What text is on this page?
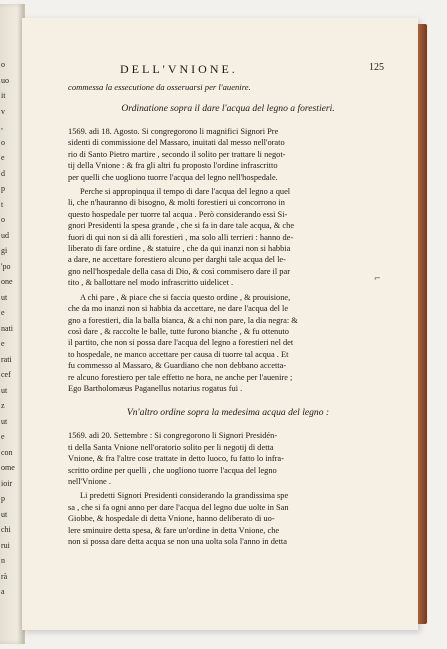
o
uo
it
v
,
o
e
d
p
t
o
ud
gi
'po
one
ut
e
nati
e
rati
cef
ut
z
ut
e
con
ome
ioir
p
ut
chi
rui
n
rà
a
DELL'VNIONE.	125
commessa la essecutione da osseruarsi per l'auenire.
Ordinatione sopra il dare l'acqua del legno a forestieri.
1569. adi 18. Agosto. Si congregorono li magnifici Signori Pre
sidenti di commissione del Massaro, inuitati dal messo nell'orato
rio di Santo Pietro martire , secondo il solito per trattare li negot-
tij della Vnione : & fra gli altri fu proposto l'ordine infrascritto
per quelli che uogliono tuorre l'acqua del legno nell'hospedale.
Perche si appropinqua il tempo di dare l'acqua del legno a quel
li, che n'hauranno di bisogno, & molti forestieri ui concorrono in
questo hospedale per tuorre tal acqua . Però considerando essi Si-
gnori Presidenti la spesa grande , che si fa in dare tale acqua, & che
fuori di qui non si dà alli forestieri , ma solo alli terrieri : hanno de-
liberato di fare ordine , & statuire , che da qui inanzi non si habbia
a dare, ne accettare forestiero alcuno per darghi tale acqua del le-
gno nell'hospedale della casa di Dio, & così commisero dare il par
tito , & ballottare nel modo infrascritto uidelicet .
A chi pare , & piace che si faccia questo ordine , & prouisione,
che da mo inanzi non si habbia da accettare, ne dare l'acqua del le
gno a forestieri, dia la balla bianca, & a chi non pare, la dia negra: &
così dare , & raccolte le balle, tutte furono bianche , & fu ottenuto
il partito, che non si possa dare l'acqua del legno a forestieri nel det
to hospedale, ne manco accettare per causa di tuorre tal acqua . Et
fu commesso al Massaro, & Guardiano che non debbano accetta-
re alcuno forestiero per tale effetto ne hora, ne anche per l'auenire ;
Ego Bartholomæus Paganellus notarius rogatus fui .
Vn'altro ordine sopra la medesima acqua del legno :
1569. adi 20. Settembre : Si congregorono li Signori Presidén-
ti della Santa Vnione nell'oratorio solito per li negotij di detta
Vnione, & fra l'altre cose trattate in detto luoco, fu fatto lo infra-
scritto ordine per quelli , che uogliono tuorre l'acqua del legno
nell'Vnione .
Li predetti Signori Presidenti considerando la grandissima spe
sa , che si fa ogni anno per dare l'acqua del legno due uolte in San
Giobbe, & hospedale di detta Vnione, hanno deliberato di uo-
lere sminuire detta spesa, & fare un'ordine in detta Vnione, che
non si possa dare detta acqua se non una uolta sola l'anno in detta
⌐
